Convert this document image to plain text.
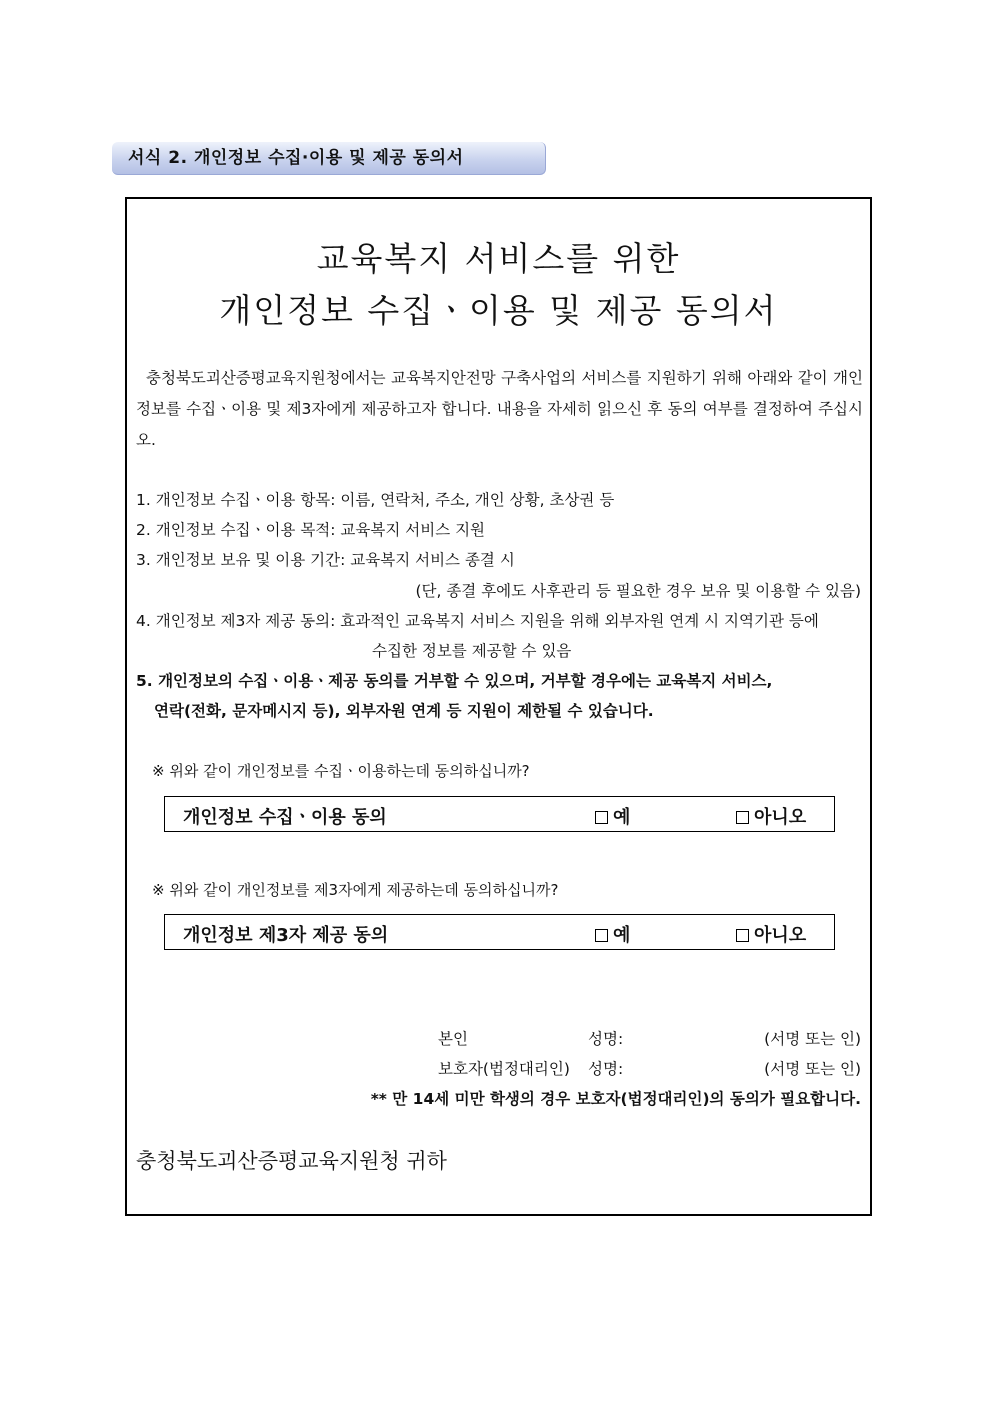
서식 2. 개인정보 수집·이용 및 제공 동의서
교육복지 서비스를 위한
개인정보 수집ㆍ이용 및 제공 동의서
충청북도괴산증평교육지원청에서는 교육복지안전망 구축사업의 서비스를 지원하기 위해 아래와 같이 개인정보를 수집ㆍ이용 및 제3자에게 제공하고자 합니다. 내용을 자세히 읽으신 후 동의 여부를 결정하여 주십시오.
1. 개인정보 수집ㆍ이용 항목: 이름, 연락처, 주소, 개인 상황, 초상권 등
2. 개인정보 수집ㆍ이용 목적: 교육복지 서비스 지원
3. 개인정보 보유 및 이용 기간: 교육복지 서비스 종결 시
(단, 종결 후에도 사후관리 등 필요한 경우 보유 및 이용할 수 있음)
4. 개인정보 제3자 제공 동의: 효과적인 교육복지 서비스 지원을 위해 외부자원 연계 시 지역기관 등에
수집한 정보를 제공할 수 있음
5. 개인정보의 수집ㆍ이용ㆍ제공 동의를 거부할 수 있으며, 거부할 경우에는 교육복지 서비스,
연락(전화, 문자메시지 등), 외부자원 연계 등 지원이 제한될 수 있습니다.
※ 위와 같이 개인정보를 수집ㆍ이용하는데 동의하십니까?
개인정보 수집ㆍ이용 동의	예	아니오
※ 위와 같이 개인정보를 제3자에게 제공하는데 동의하십니까?
개인정보 제3자 제공 동의	예	아니오
본인	성명:	(서명 또는 인)
보호자(법정대리인) 성명:	(서명 또는 인)
** 만 14세 미만 학생의 경우 보호자(법정대리인)의 동의가 필요합니다.
충청북도괴산증평교육지원청 귀하
